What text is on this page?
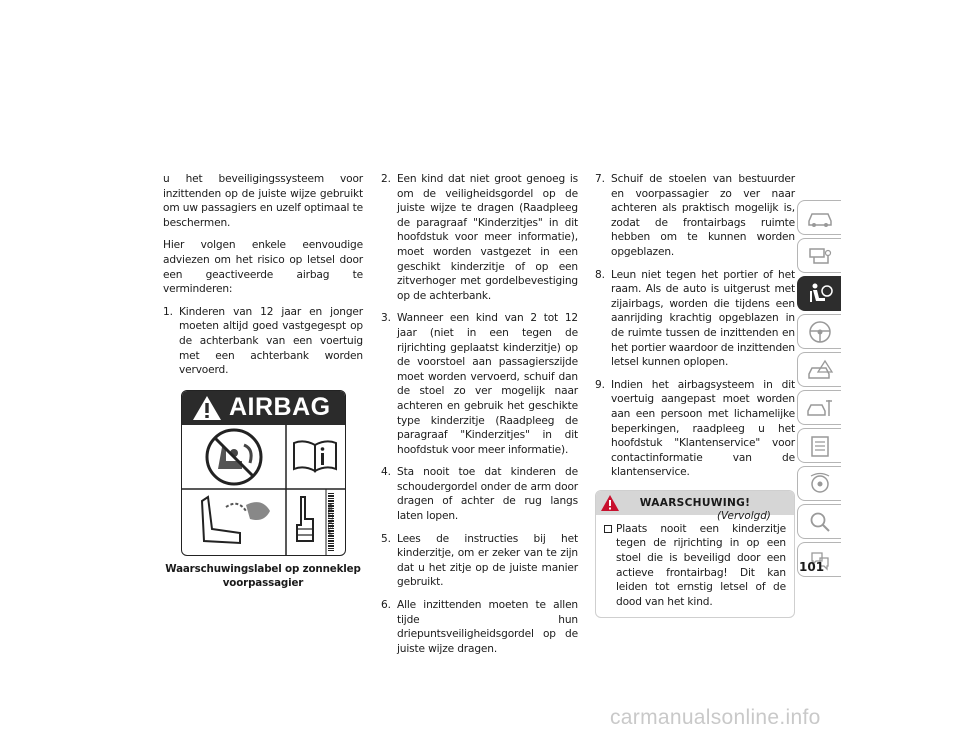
u het beveiligingssysteem voor inzittenden op de juiste wijze gebruikt om uw passagiers en uzelf optimaal te beschermen.

Hier volgen enkele eenvoudige adviezen om het risico op letsel door een geactiveerde airbag te verminderen:

1. Kinderen van 12 jaar en jonger moeten altijd goed vastgegespt op de achterbank van een voertuig met een achterbank worden vervoerd.
AIRBAG
68177003AA

Waarschuwingslabel op zonneklep voorpassagier

2. Een kind dat niet groot genoeg is om de veiligheidsgordel op de juiste wijze te dragen (Raadpleeg de paragraaf "Kinderzitjes" in dit hoofdstuk voor meer informatie), moet worden vastgezet in een geschikt kinderzitje of op een zitverhoger met gordelbevestiging op de achterbank.
3. Wanneer een kind van 2 tot 12 jaar (niet in een tegen de rijrichting geplaatst kinderzitje) op de voorstoel aan passagierszijde moet worden vervoerd, schuif dan de stoel zo ver mogelijk naar achteren en gebruik het geschikte type kinderzitje (Raadpleeg de paragraaf "Kinderzitjes" in dit hoofdstuk voor meer informatie).
4. Sta nooit toe dat kinderen de schoudergordel onder de arm door dragen of achter de rug langs laten lopen.
5. Lees de instructies bij het kinderzitje, om er zeker van te zijn dat u het zitje op de juiste manier gebruikt.
6. Alle inzittenden moeten te allen tijde hun driepuntsveiligheidsgordel op de juiste wijze dragen.
7. Schuif de stoelen van bestuurder en voorpassagier zo ver naar achteren als praktisch mogelijk is, zodat de frontairbags ruimte hebben om te kunnen worden opgeblazen.
8. Leun niet tegen het portier of het raam. Als de auto is uitgerust met zijairbags, worden die tijdens een aanrijding krachtig opgeblazen in de ruimte tussen de inzittenden en het portier waardoor de inzittenden letsel kunnen oplopen.
9. Indien het airbagsysteem in dit voertuig aangepast moet worden aan een persoon met lichamelijke beperkingen, raadpleeg u het hoofdstuk "Klantenservice" voor contactinformatie van de klantenservice.
WAARSCHUWING!

Plaats nooit een kinderzitje tegen de rijrichting in op een stoel die is beveiligd door een actieve frontairbag! Dit kan leiden tot ernstig letsel of de dood van het kind.

(Vervolgd)
101
carmanualsonline.info
